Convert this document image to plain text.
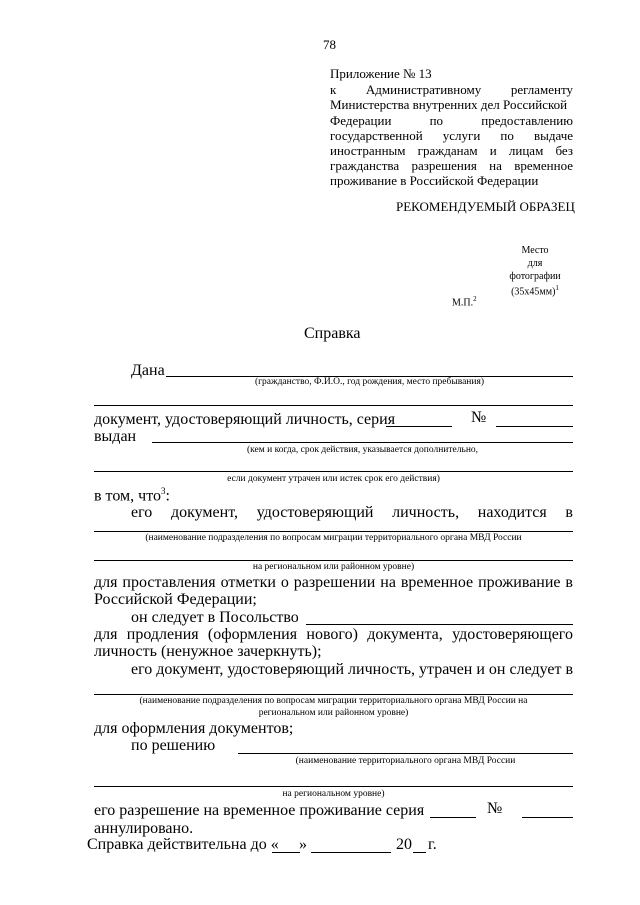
78
Приложение № 13
к Административному регламенту
Министерства внутренних дел Российской
Федерации	по	предоставлению
государственной услуги по выдаче
иностранным гражданам и лицам без
гражданства разрешения на временное
проживание в Российской Федерации
РЕКОМЕНДУЕМЫЙ ОБРАЗЕЦ
Место
для
фотографии
$(35х45мм)^1$
М.П.$^2$
Справка
Дана
(гражданство, Ф.И.О., год рождения, место пребывания)
документ, удостоверяющий личность, серия	№
выдан
(кем и когда, срок действия, указывается дополнительно,
если документ утрачен или истек срок его действия)
в том, что$^3$:
его документ, удостоверяющий личность, находится в
(наименование подразделения по вопросам миграции территориального органа МВД России
на региональном или районном уровне)
для проставления отметки о разрешении на временное проживание в
Российской Федерации;
он следует в Посольство
для продления (оформления нового) документа, удостоверяющего
личность (ненужное зачеркнуть);
его документ, удостоверяющий личность, утрачен и он следует в
(наименование подразделения по вопросам миграции территориального органа МВД России на
региональном или районном уровне)
для оформления документов;
по решению
(наименование территориального органа МВД России
на региональном уровне)
его разрешение на временное проживание серия	№
аннулировано.
Справка действительна до « »	20 г.
